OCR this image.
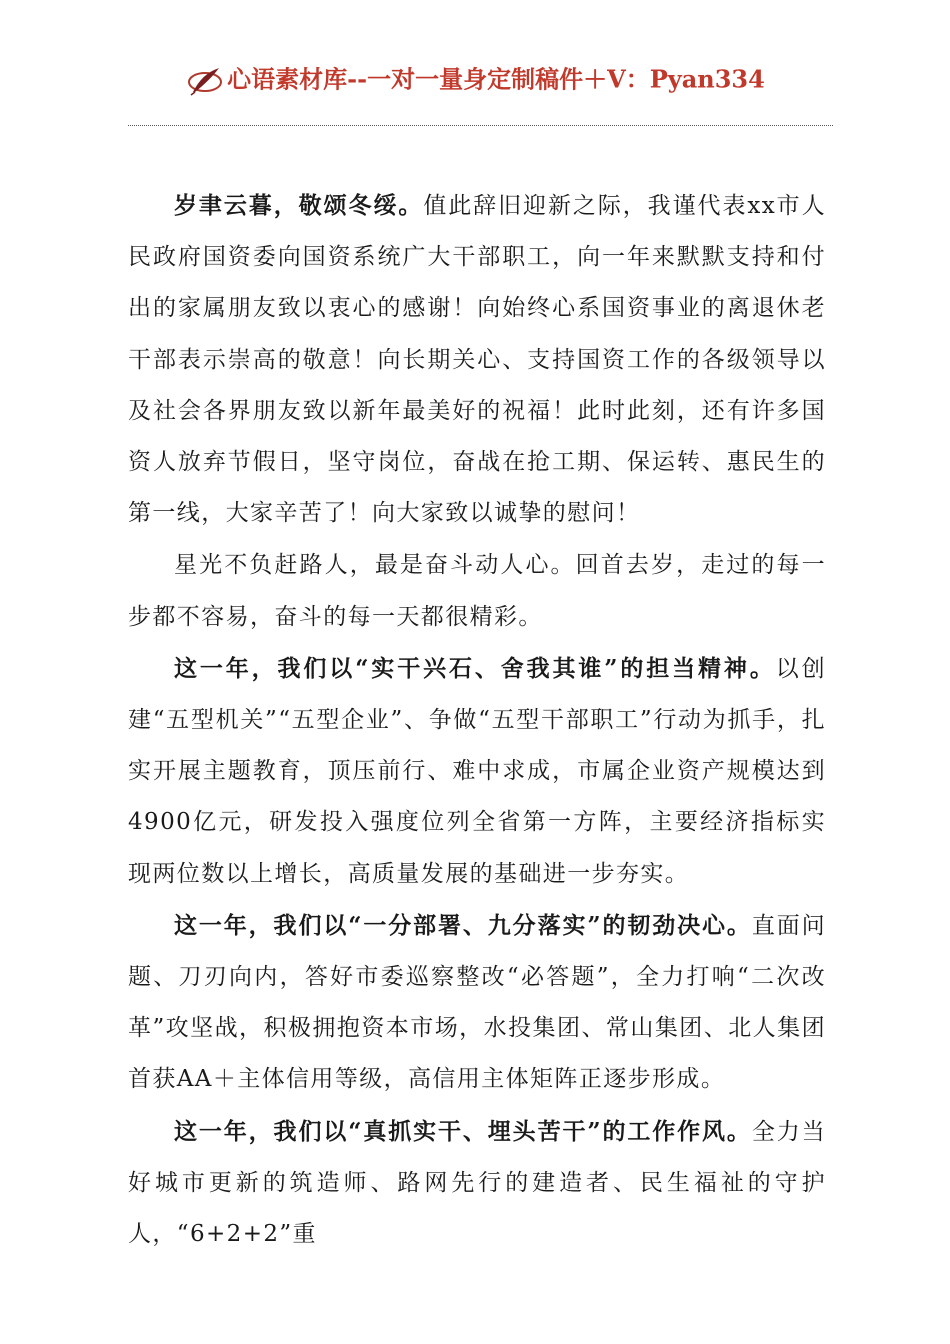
心语素材库--一对一量身定制稿件＋V：Pyan334

岁聿云暮，敬颂冬绥。值此辞旧迎新之际，我谨代表xx市人民政府国资委向国资系统广大干部职工，向一年来默默支持和付出的家属朋友致以衷心的感谢！向始终心系国资事业的离退休老干部表示崇高的敬意！向长期关心、支持国资工作的各级领导以及社会各界朋友致以新年最美好的祝福！此时此刻，还有许多国资人放弃节假日，坚守岗位，奋战在抢工期、保运转、惠民生的第一线，大家辛苦了！向大家致以诚挚的慰问！

星光不负赶路人，最是奋斗动人心。回首去岁，走过的每一步都不容易，奋斗的每一天都很精彩。

这一年，我们以“实干兴石、舍我其谁”的担当精神。以创建“五型机关”“五型企业”、争做“五型干部职工”行动为抓手，扎实开展主题教育，顶压前行、难中求成，市属企业资产规模达到4900亿元，研发投入强度位列全省第一方阵，主要经济指标实现两位数以上增长，高质量发展的基础进一步夯实。

这一年，我们以“一分部署、九分落实”的韧劲决心。直面问题、刀刃向内，答好市委巡察整改“必答题”，全力打响“二次改革”攻坚战，积极拥抱资本市场，水投集团、常山集团、北人集团首获AA＋主体信用等级，高信用主体矩阵正逐步形成。

这一年，我们以“真抓实干、埋头苦干”的工作作风。全力当好城市更新的筑造师、路网先行的建造者、民生福祉的守护人，“6+2+2”重
